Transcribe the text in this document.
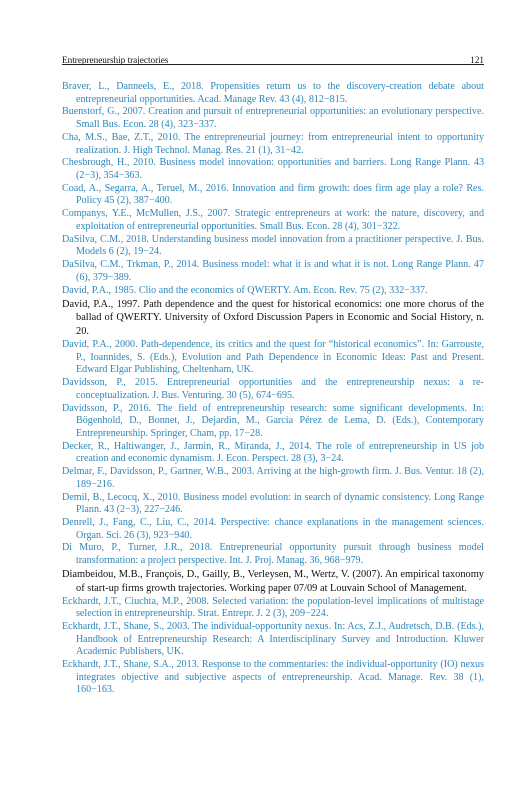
Entrepreneurship trajectories	121

Braver, L., Danneels, E., 2018. Propensities return us to the discovery-creation debate about entrepreneurial opportunities. Acad. Manage Rev. 43 (4), 812−815.

Buenstorf, G., 2007. Creation and pursuit of entrepreneurial opportunities: an evolutionary perspective. Small Bus. Econ. 28 (4), 323−337.

Cha, M.S., Bae, Z.T., 2010. The entrepreneurial journey: from entrepreneurial intent to opportunity realization. J. High Technol. Manag. Res. 21 (1), 31−42.

Chesbrough, H., 2010. Business model innovation: opportunities and barriers. Long Range Plann. 43 (2−3), 354−363.

Coad, A., Segarra, A., Teruel, M., 2016. Innovation and firm growth: does firm age play a role? Res. Policy 45 (2), 387−400.

Companys, Y.E., McMullen, J.S., 2007. Strategic entrepreneurs at work: the nature, discovery, and exploitation of entrepreneurial opportunities. Small Bus. Econ. 28 (4), 301−322.

DaSilva, C.M., 2018. Understanding business model innovation from a practitioner perspective. J. Bus. Models 6 (2), 19−24.

DaSilva, C.M., Trkman, P., 2014. Business model: what it is and what it is not. Long Range Plann. 47 (6), 379−389.

David, P.A., 1985. Clio and the economics of QWERTY. Am. Econ. Rev. 75 (2), 332−337.

David, P.A., 1997. Path dependence and the quest for historical economics: one more chorus of the ballad of QWERTY. University of Oxford Discussion Papers in Economic and Social History, n. 20.

David, P.A., 2000. Path-dependence, its critics and the quest for “historical economics”. In: Garrouste, P., Ioannides, S. (Eds.), Evolution and Path Dependence in Economic Ideas: Past and Present. Edward Elgar Publishing, Cheltenham, UK.

Davidsson, P., 2015. Entrepreneurial opportunities and the entrepreneurship nexus: a re-conceptualization. J. Bus. Venturing. 30 (5), 674−695.

Davidsson, P., 2016. The field of entrepreneurship research: some significant developments. In: Bögenhold, D., Bonnet, J., Dejardin, M., Garcia Pérez de Lema, D. (Eds.), Contemporary Entrepreneurship. Springer, Cham, pp. 17−28.

Decker, R., Haltiwanger, J., Jarmin, R., Miranda, J., 2014. The role of entrepreneurship in US job creation and economic dynamism. J. Econ. Perspect. 28 (3), 3−24.

Delmar, F., Davidsson, P., Gartner, W.B., 2003. Arriving at the high-growth firm. J. Bus. Ventur. 18 (2), 189−216.

Demil, B., Lecocq, X., 2010. Business model evolution: in search of dynamic consistency. Long Range Plann. 43 (2−3), 227−246.

Denrell, J., Fang, C., Liu, C., 2014. Perspective: chance explanations in the management sciences. Organ. Sci. 26 (3), 923−940.

Di Muro, P., Turner, J.R., 2018. Entrepreneurial opportunity pursuit through business model transformation: a project perspective. Int. J. Proj. Manag. 36, 968−979.

Diambeidou, M.B., François, D., Gailly, B., Verleysen, M., Wertz, V. (2007). An empirical taxonomy of start-up firms growth trajectories. Working paper 07/09 at Louvain School of Management.

Eckhardt, J.T., Ciuchta, M.P., 2008. Selected variation: the population-level implications of multistage selection in entrepreneurship. Strat. Entrepr. J. 2 (3), 209−224.

Eckhardt, J.T., Shane, S., 2003. The individual-opportunity nexus. In: Acs, Z.J., Audretsch, D.B. (Eds.), Handbook of Entrepreneurship Research: A Interdisciplinary Survey and Introduction. Kluwer Academic Publishers, UK.

Eckhardt, J.T., Shane, S.A., 2013. Response to the commentaries: the individual-opportunity (IO) nexus integrates objective and subjective aspects of entrepreneurship. Acad. Manage. Rev. 38 (1), 160−163.
